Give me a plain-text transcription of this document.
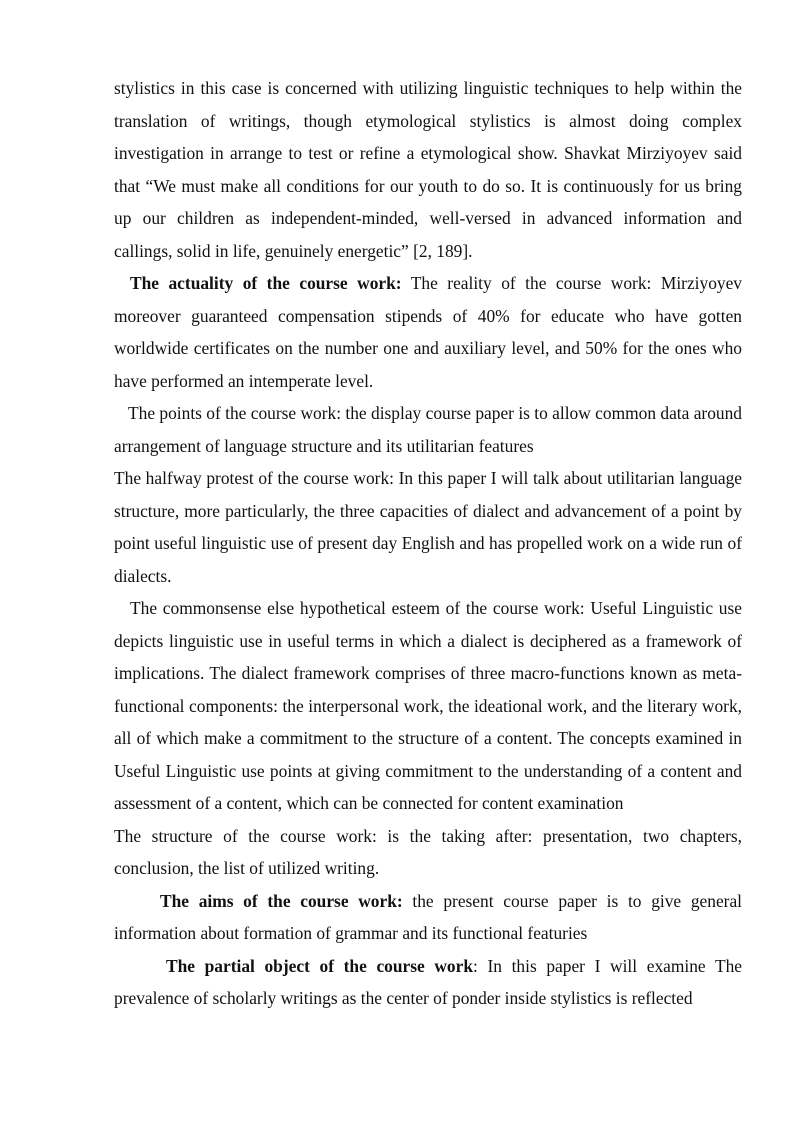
stylistics in this case is concerned with utilizing linguistic techniques to help within the translation of writings, though etymological stylistics is almost doing complex investigation in arrange to test or refine a etymological show. Shavkat Mirziyoyev said that “We must make all conditions for our youth to do so. It is continuously for us bring up our children as independent-minded, well-versed in advanced information and callings, solid in life, genuinely energetic” [2, 189].

The actuality of the course work: The reality of the course work: Mirziyoyev moreover guaranteed compensation stipends of 40% for educate who have gotten worldwide certificates on the number one and auxiliary level, and 50% for the ones who have performed an intemperate level.

The points of the course work: the display course paper is to allow common data around arrangement of language structure and its utilitarian features

The halfway protest of the course work: In this paper I will talk about utilitarian language structure, more particularly, the three capacities of dialect and advancement of a point by point useful linguistic use of present day English and has propelled work on a wide run of dialects.

The commonsense else hypothetical esteem of the course work: Useful Linguistic use depicts linguistic use in useful terms in which a dialect is deciphered as a framework of implications. The dialect framework comprises of three macro-functions known as meta-functional components: the interpersonal work, the ideational work, and the literary work, all of which make a commitment to the structure of a content. The concepts examined in Useful Linguistic use points at giving commitment to the understanding of a content and assessment of a content, which can be connected for content examination

The structure of the course work: is the taking after: presentation, two chapters, conclusion, the list of utilized writing.

The aims of the course work: the present course paper is to give general information about formation of grammar and its functional featuries

The partial object of the course work: In this paper I will examine The prevalence of scholarly writings as the center of ponder inside stylistics is reflected
